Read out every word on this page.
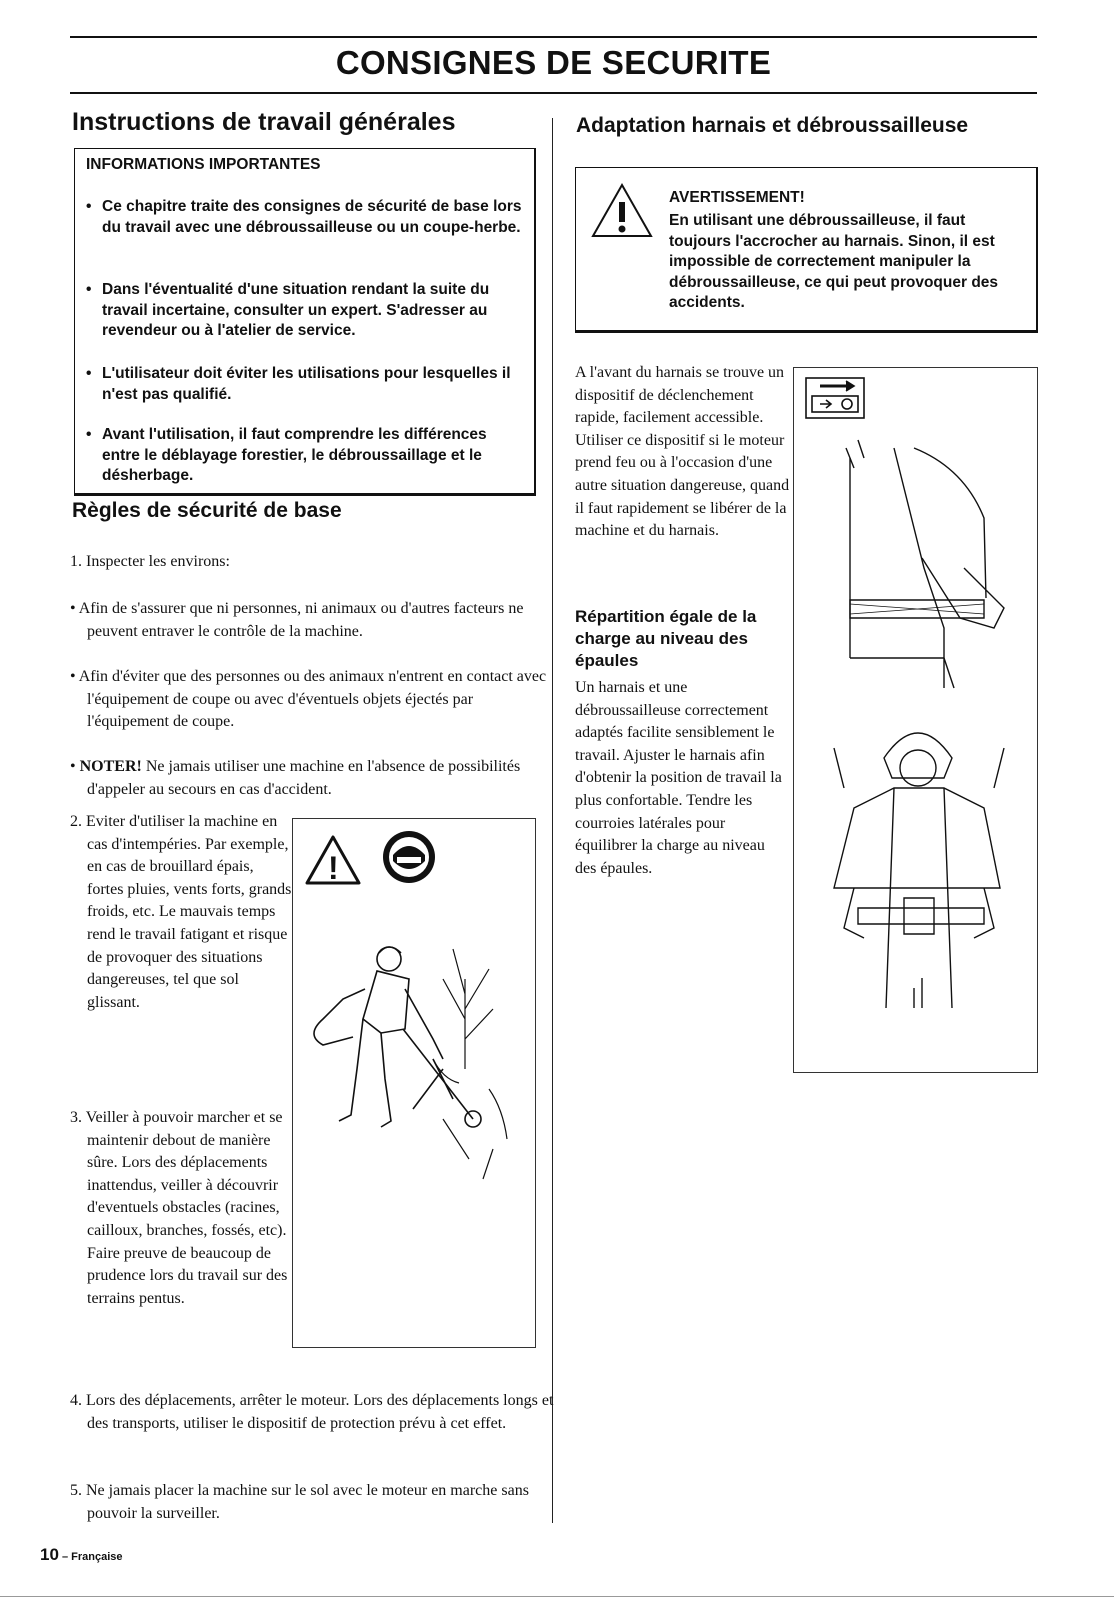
CONSIGNES DE SECURITE
Instructions de travail générales
INFORMATIONS IMPORTANTES
• Ce chapitre traite des consignes de sécurité de base lors du travail avec une débroussailleuse ou un coupe-herbe.
• Dans l'éventualité d'une situation rendant la suite du travail incertaine, consulter un expert. S'adresser au revendeur ou à l'atelier de service.
• L'utilisateur doit éviter les utilisations pour lesquelles il n'est pas qualifié.
• Avant l'utilisation, il faut comprendre les différences entre le déblayage forestier, le débroussaillage et le désherbage.
Règles de sécurité de base
1. Inspecter les environs:
• Afin de s'assurer que ni personnes, ni animaux ou d'autres facteurs ne peuvent entraver le contrôle de la machine.
• Afin d'éviter que des personnes ou des animaux n'entrent en contact avec l'équipement de coupe ou avec d'éventuels objets éjectés par l'équipement de coupe.
• NOTER! Ne jamais utiliser une machine en l'absence de possibilités d'appeler au secours en cas d'accident.
2. Eviter d'utiliser la machine en cas d'intempéries. Par exemple, en cas de brouillard épais, fortes pluies, vents forts, grands froids, etc. Le mauvais temps rend le travail fatigant et risque de provoquer des situations dangereuses, tel que sol glissant.
3. Veiller à pouvoir marcher et se maintenir debout de manière sûre. Lors des déplacements inattendus, veiller à découvrir d'eventuels obstacles (racines, cailloux, branches, fossés, etc). Faire preuve de beaucoup de prudence lors du travail sur des terrains pentus.
4. Lors des déplacements, arrêter le moteur. Lors des déplacements longs et des transports, utiliser le dispositif de protection prévu à cet effet.
5. Ne jamais placer la machine sur le sol avec le moteur en marche sans pouvoir la surveiller.
!
Adaptation harnais et débroussailleuse
AVERTISSEMENT!
En utilisant une débroussailleuse, il faut toujours l'accrocher au harnais. Sinon, il est impossible de correctement manipuler la débroussailleuse, ce qui peut provoquer des accidents.
A l'avant du harnais se trouve un dispositif de déclenchement rapide, facilement accessible. Utiliser ce dispositif si le moteur prend feu ou à l'occasion d'une autre situation dangereuse, quand il faut rapidement se libérer de la machine et du harnais.
Répartition égale de la charge au niveau des épaules
Un harnais et une débroussailleuse correctement adaptés facilite sensiblement le travail. Ajuster le harnais afin d'obtenir la position de travail la plus confortable. Tendre les courroies latérales pour équilibrer la charge au niveau des épaules.
10 – Française
